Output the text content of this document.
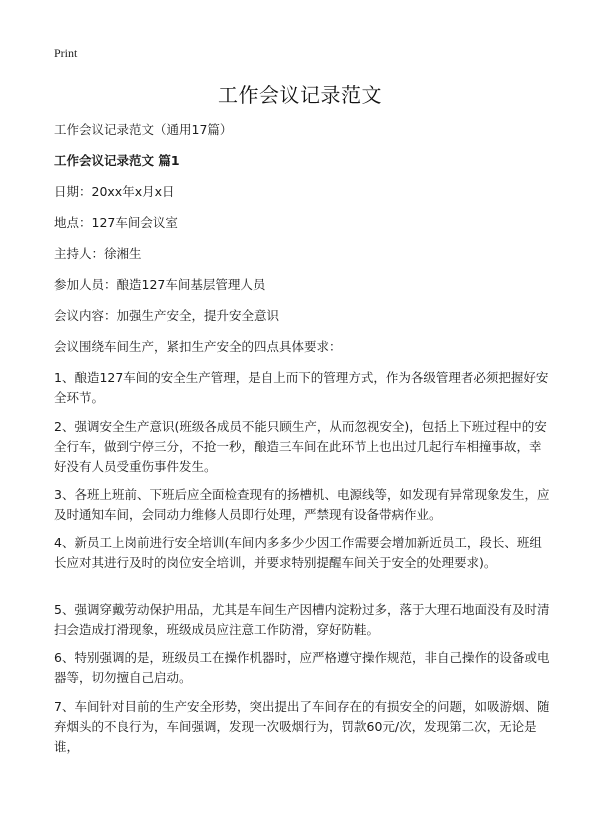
Print
工作会议记录范文
工作会议记录范文（通用17篇）
工作会议记录范文 篇1
日期：20xx年x月x日
地点：127车间会议室
主持人：徐湘生
参加人员：酿造127车间基层管理人员
会议内容：加强生产安全，提升安全意识
会议围绕车间生产，紧扣生产安全的四点具体要求：
1、酿造127车间的安全生产管理，是自上而下的管理方式，作为各级管理者必须把握好安全环节。
2、强调安全生产意识(班级各成员不能只顾生产，从而忽视安全)，包括上下班过程中的安全行车，做到宁停三分，不抢一秒，酿造三车间在此环节上也出过几起行车相撞事故，幸好没有人员受重伤事件发生。
3、各班上班前、下班后应全面检查现有的扬槽机、电源线等，如发现有异常现象发生，应及时通知车间，会同动力维修人员即行处理，严禁现有设备带病作业。
4、新员工上岗前进行安全培训(车间内多多少少因工作需要会增加新近员工，段长、班组长应对其进行及时的岗位安全培训，并要求特别提醒车间关于安全的处理要求)。
5、强调穿戴劳动保护用品，尤其是车间生产因槽内淀粉过多，落于大理石地面没有及时清扫会造成打滑现象，班级成员应注意工作防滑，穿好防鞋。
6、特别强调的是，班级员工在操作机器时，应严格遵守操作规范，非自己操作的设备或电器等，切勿擅自己启动。
7、车间针对目前的生产安全形势，突出提出了车间存在的有损安全的问题，如吸游烟、随弃烟头的不良行为，车间强调，发现一次吸烟行为，罚款60元/次，发现第二次，无论是谁，
